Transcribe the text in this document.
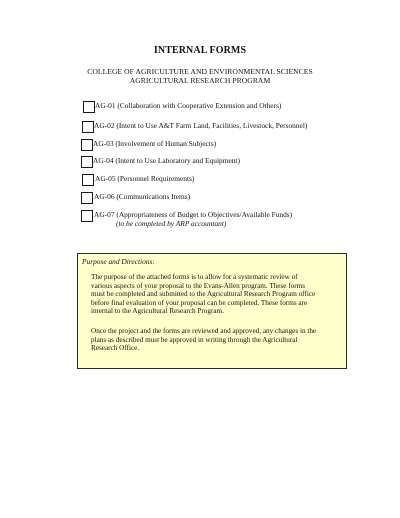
INTERNAL FORMS
COLLEGE OF AGRICULTURE AND ENVIRONMENTAL SCIENCES
AGRICULTURAL RESEARCH PROGRAM
AG-01 (Collaboration with Cooperative Extension and Others)
AG-02 (Intent to Use A&T Farm Land, Facilities, Livestock, Personnel)
AG-03 (Involvement of Human Subjects)
AG-04 (Intent to Use Laboratory and Equipment)
AG-05 (Personnel Requirements)
AG-06 (Communications Items)
AG-07 (Appropriateness of Budget to Objectives/Available Funds)
(to be completed by ARP accountant)
Purpose and Directions:
The purpose of the attached forms is to allow for a systematic review of
various aspects of your proposal to the Evans-Allen program. These forms
must be completed and submitted to the Agricultural Research Program office
before final evaluation of your proposal can be completed. These forms are
internal to the Agricultural Research Program.
Once the project and the forms are reviewed and approved, any changes in the
plans as described must be approved in writing through the Agricultural
Research Office.
